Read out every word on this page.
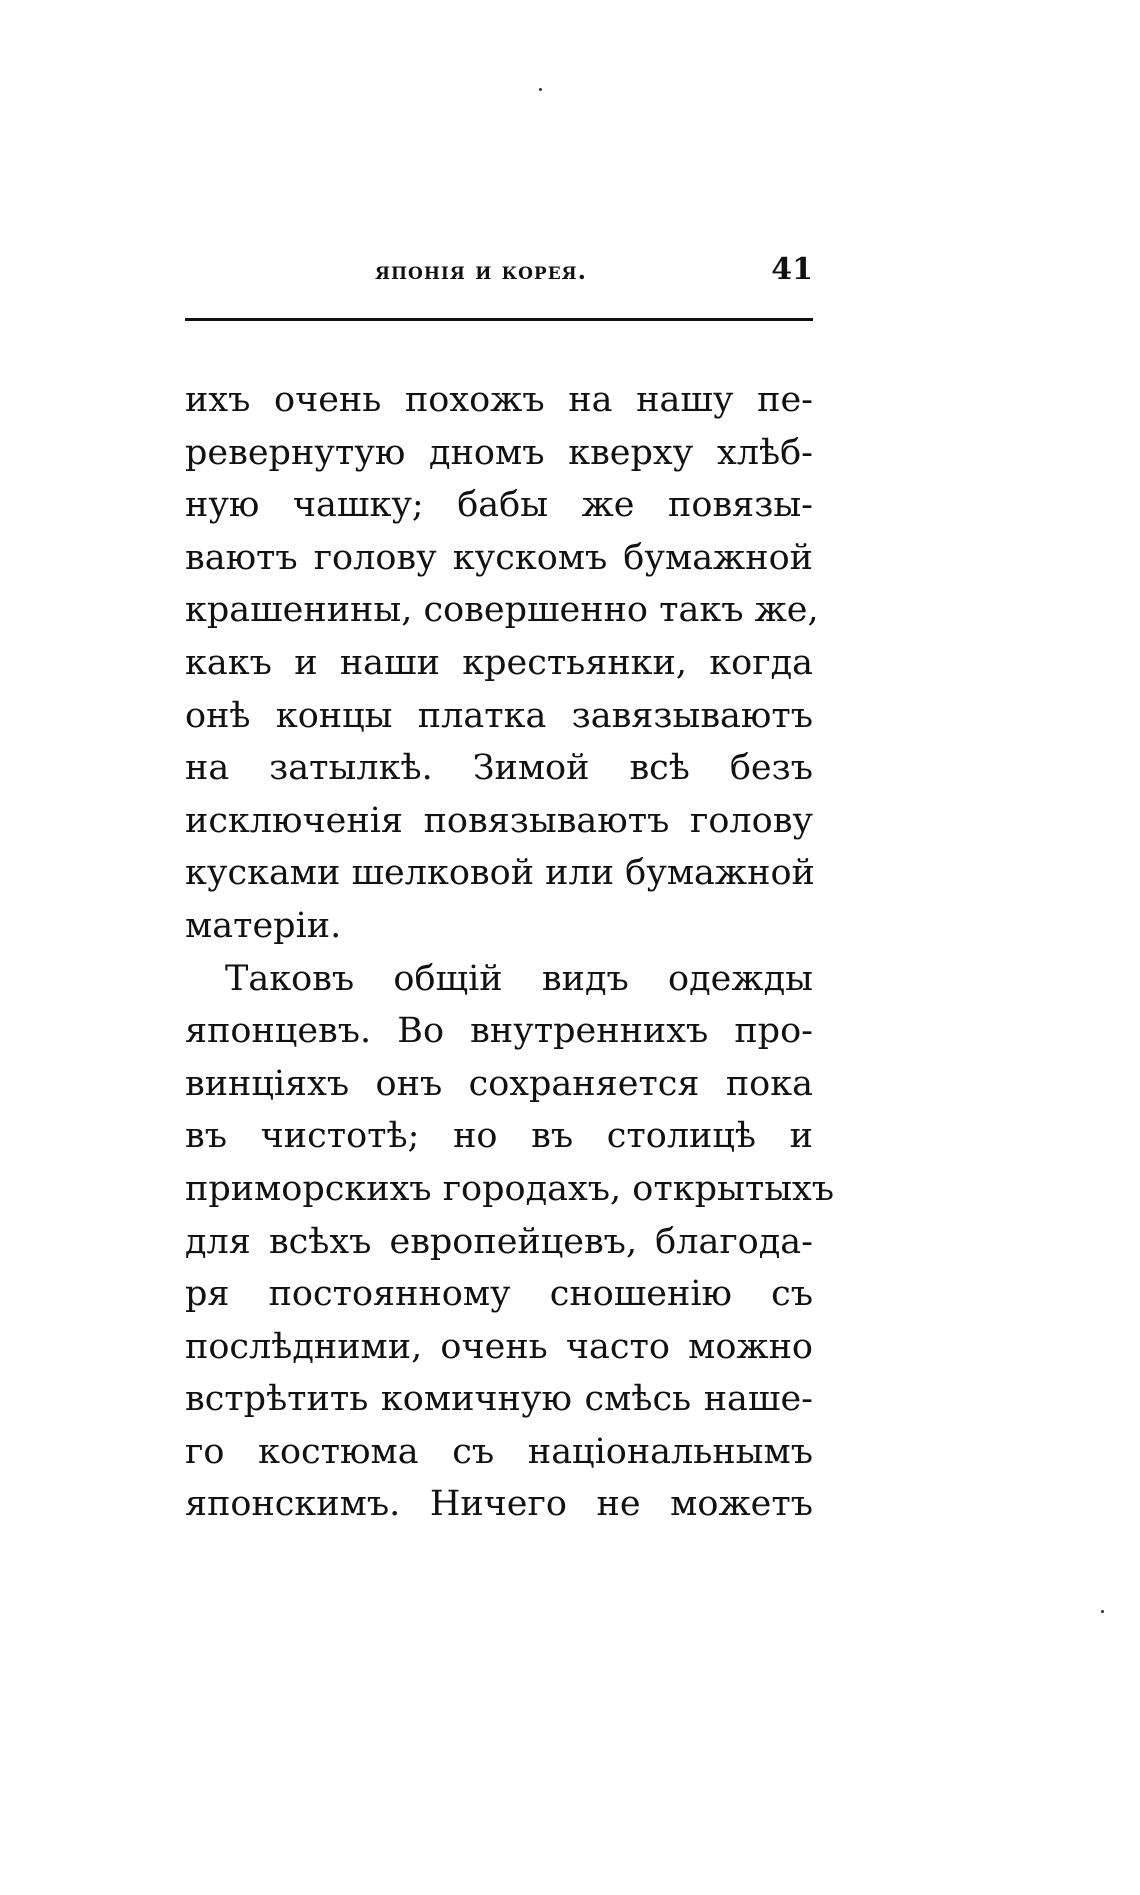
японія и корея.	41
ихъ очень похожъ на нашу пе-
ревернутую дномъ кверху хлѣб-
ную чашку; бабы же повязы-
ваютъ голову кускомъ бумажной
крашенины, совершенно такъ же,
какъ и наши крестьянки, когда
онѣ концы платка завязываютъ
на затылкѣ. Зимой всѣ безъ
исключенія повязываютъ голову
кусками шелковой или бумажной
матеріи.
Таковъ общій видъ одежды
японцевъ. Во внутреннихъ про-
винціяхъ онъ сохраняется пока
въ чистотѣ; но въ столицѣ и
приморскихъ городахъ, открытыхъ
для всѣхъ европейцевъ, благода-
ря постоянному сношенію съ
послѣдними, очень часто можно
встрѣтить комичную смѣсь наше-
го костюма съ національнымъ
японскимъ. Ничего не можетъ
